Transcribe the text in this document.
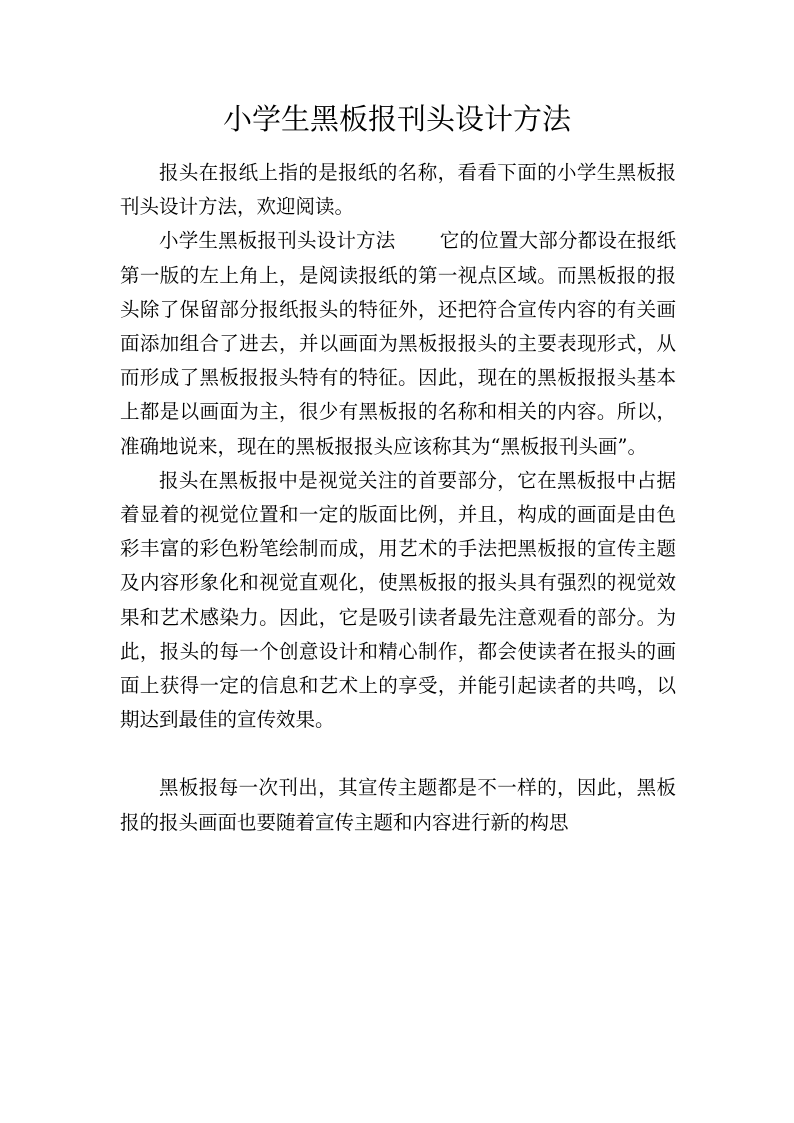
小学生黑板报刊头设计方法

报头在报纸上指的是报纸的名称，看看下面的小学生黑板报刊头设计方法，欢迎阅读。

小学生黑板报刊头设计方法 它的位置大部分都设在报纸第一版的左上角上，是阅读报纸的第一视点区域。而黑板报的报头除了保留部分报纸报头的特征外，还把符合宣传内容的有关画面添加组合了进去，并以画面为黑板报报头的主要表现形式，从而形成了黑板报报头特有的特征。因此，现在的黑板报报头基本上都是以画面为主，很少有黑板报的名称和相关的内容。所以，准确地说来，现在的黑板报报头应该称其为“黑板报刊头画”。

报头在黑板报中是视觉关注的首要部分，它在黑板报中占据着显着的视觉位置和一定的版面比例，并且，构成的画面是由色彩丰富的彩色粉笔绘制而成，用艺术的手法把黑板报的宣传主题及内容形象化和视觉直观化，使黑板报的报头具有强烈的视觉效果和艺术感染力。因此，它是吸引读者最先注意观看的部分。为此，报头的每一个创意设计和精心制作，都会使读者在报头的画面上获得一定的信息和艺术上的享受，并能引起读者的共鸣，以期达到最佳的宣传效果。

黑板报每一次刊出，其宣传主题都是不一样的，因此，黑板报的报头画面也要随着宣传主题和内容进行新的构思
